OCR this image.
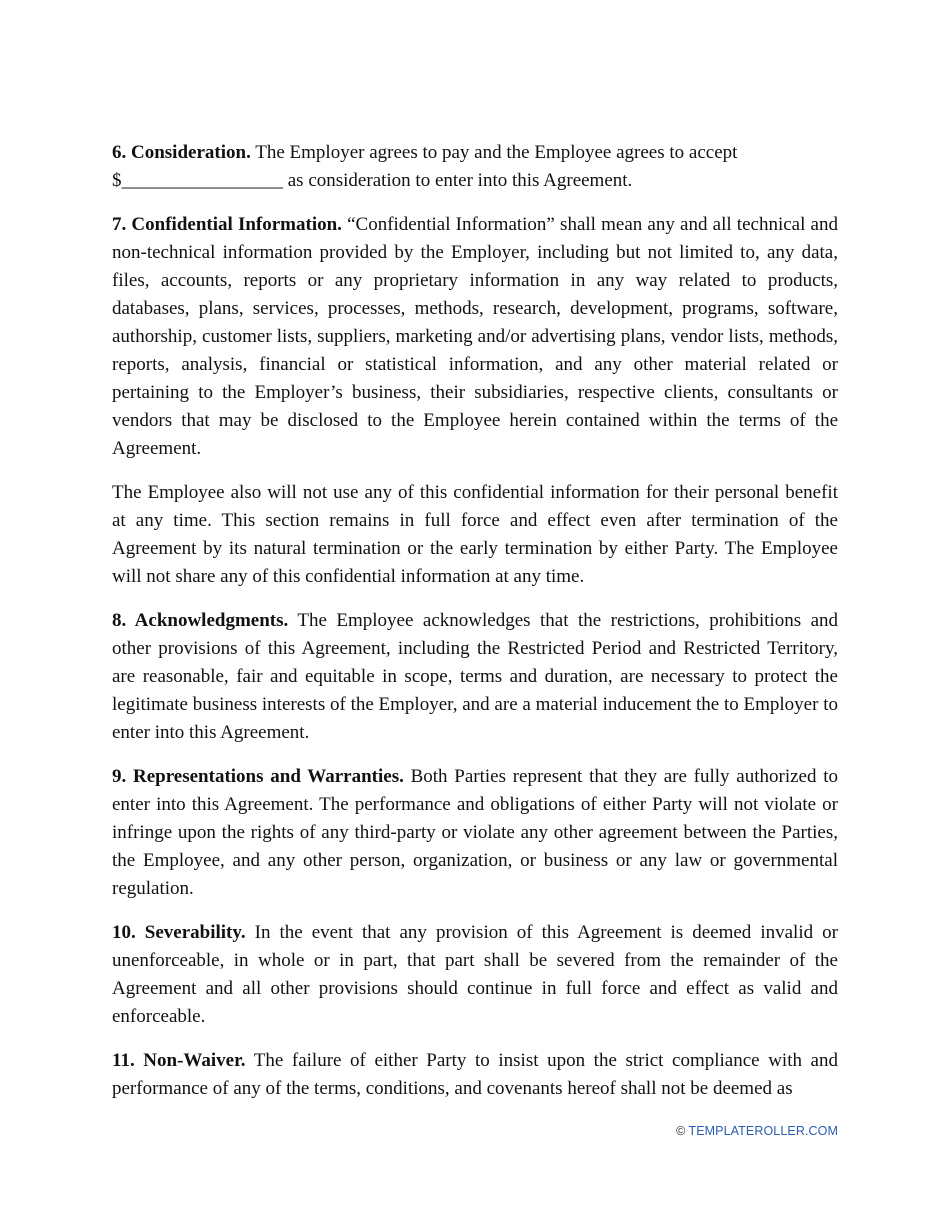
6. Consideration. The Employer agrees to pay and the Employee agrees to accept
$_________________ as consideration to enter into this Agreement.

7. Confidential Information. “Confidential Information” shall mean any and all technical and non-technical information provided by the Employer, including but not limited to, any data, files, accounts, reports or any proprietary information in any way related to products, databases, plans, services, processes, methods, research, development, programs, software, authorship, customer lists, suppliers, marketing and/or advertising plans, vendor lists, methods, reports, analysis, financial or statistical information, and any other material related or pertaining to the Employer’s business, their subsidiaries, respective clients, consultants or vendors that may be disclosed to the Employee herein contained within the terms of the Agreement.

The Employee also will not use any of this confidential information for their personal benefit at any time. This section remains in full force and effect even after termination of the Agreement by its natural termination or the early termination by either Party. The Employee will not share any of this confidential information at any time.

8. Acknowledgments. The Employee acknowledges that the restrictions, prohibitions and other provisions of this Agreement, including the Restricted Period and Restricted Territory, are reasonable, fair and equitable in scope, terms and duration, are necessary to protect the legitimate business interests of the Employer, and are a material inducement the to Employer to enter into this Agreement.

9. Representations and Warranties. Both Parties represent that they are fully authorized to enter into this Agreement. The performance and obligations of either Party will not violate or infringe upon the rights of any third-party or violate any other agreement between the Parties, the Employee, and any other person, organization, or business or any law or governmental regulation.

10. Severability. In the event that any provision of this Agreement is deemed invalid or unenforceable, in whole or in part, that part shall be severed from the remainder of the Agreement and all other provisions should continue in full force and effect as valid and enforceable.

11. Non-Waiver. The failure of either Party to insist upon the strict compliance with and performance of any of the terms, conditions, and covenants hereof shall not be deemed as

© TEMPLATEROLLER.COM
